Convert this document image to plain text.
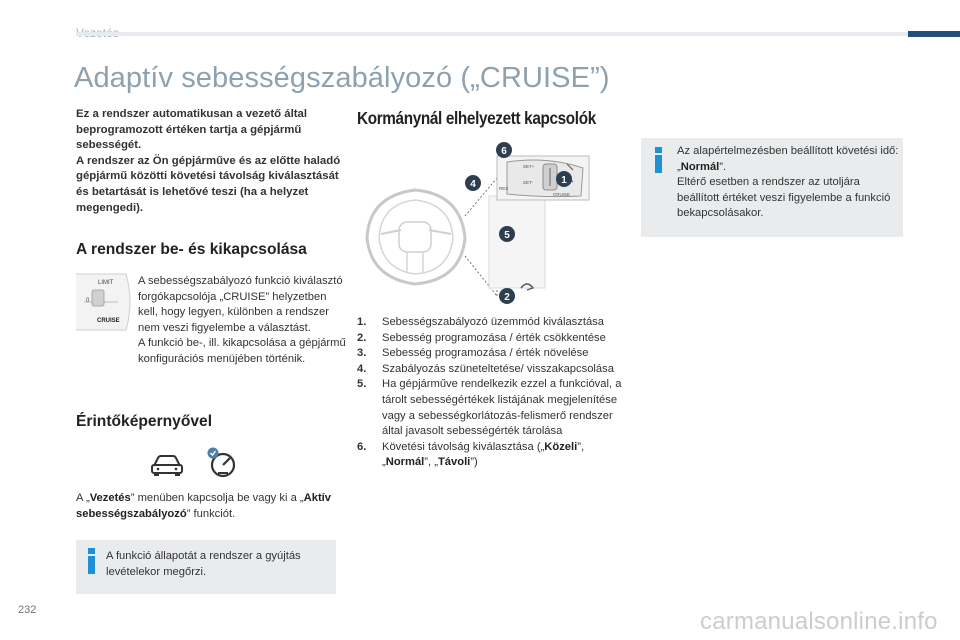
Adaptív sebességszabályozó („CRUISE”)

Ez a rendszer automatikusan a vezető által beprogramozott értéken tartja a gépjármű sebességét.

A rendszer az Ön gépjárműve és az előtte haladó gépjármű közötti követési távolság kiválasztását és betartását is lehetővé teszi (ha a helyzet megengedi).

A rendszer be- és kikapcsolása
LIMIT
0
CRUISE

A sebességszabályozó funkció kiválasztó forgókapcsolója „CRUISE” helyzetben kell, hogy legyen, különben a rendszer nem veszi figyelembe a választást.

A funkció be-, ill. kikapcsolása a gépjármű konfigurációs menüjében történik.

Érintőképernyővel
A „Vezetés” menüben kapcsolja be vagy ki a „Aktív sebességszabályozó” funkciót.
A funkció állapotát a rendszer a gyújtás levételekor megőrzi.
Kormánynál elhelyezett kapcsolók
SET+
SET-
RES
CRUISE
6
4	1
5
2
Az alapértelmezésben beállított követési idő: „Normál”.
Eltérő esetben a rendszer az utoljára beállított értéket veszi figyelembe a funkció bekapcsolásakor.
1.	Sebességszabályozó üzemmód kiválasztása
2.	Sebesség programozása / érték csökkentése
3.	Sebesség programozása / érték növelése
4.	Szabályozás szüneteltetése/ visszakapcsolása
5.	Ha gépjárműve rendelkezik ezzel a funkcióval, a tárolt sebességértékek listájának megjelenítése vagy a sebességkorlátozás-felismerő rendszer által javasolt sebességérték tárolása
6.	Követési távolság kiválasztása („Közeli”, „Normál”, „Távoli”)
232	carmanualsonline.info
